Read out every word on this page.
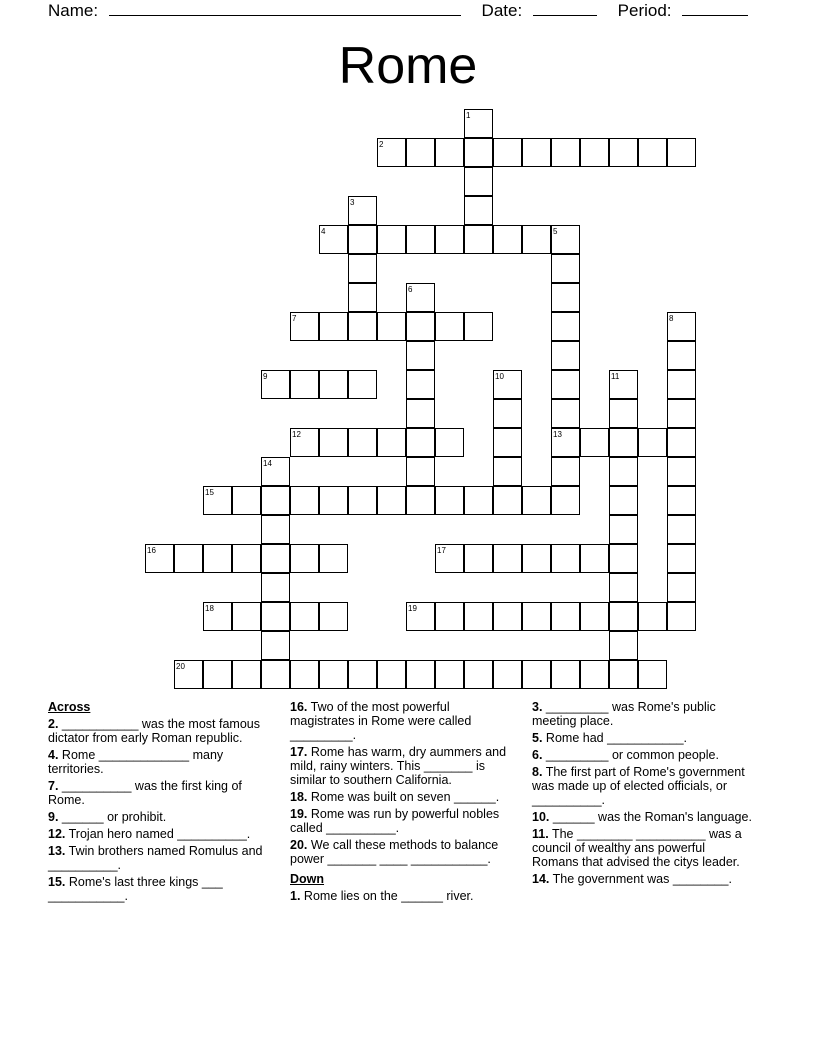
Name:	Date:	Period:
Rome
1
2
3
4	5
6
7	8
9	10	11
12	13
14
15
16	17
18	19
20
Across
2. ___________ was the most famous dictator from early Roman republic.
4. Rome _____________ many territories.
7. __________ was the first king of Rome.
9. ______ or prohibit.
12. Trojan hero named __________.
13. Twin brothers named Romulus and __________.
15. Rome's last three kings ___ ___________.
16. Two of the most powerful magistrates in Rome were called _________.
17. Rome has warm, dry aummers and mild, rainy winters. This _______ is similar to southern California.
18. Rome was built on seven ______.
19. Rome was run by powerful nobles called __________.
20. We call these methods to balance power _______ ____ ___________.
Down
1. Rome lies on the ______ river.
3. _________ was Rome's public meeting place.
5. Rome had ___________.
6. _________ or common people.
8. The first part of Rome's government was made up of elected officials, or __________.
10. ______ was the Roman's language.
11. The ________ __________ was a council of wealthy ans powerful Romans that advised the citys leader.
14. The government was ________.
